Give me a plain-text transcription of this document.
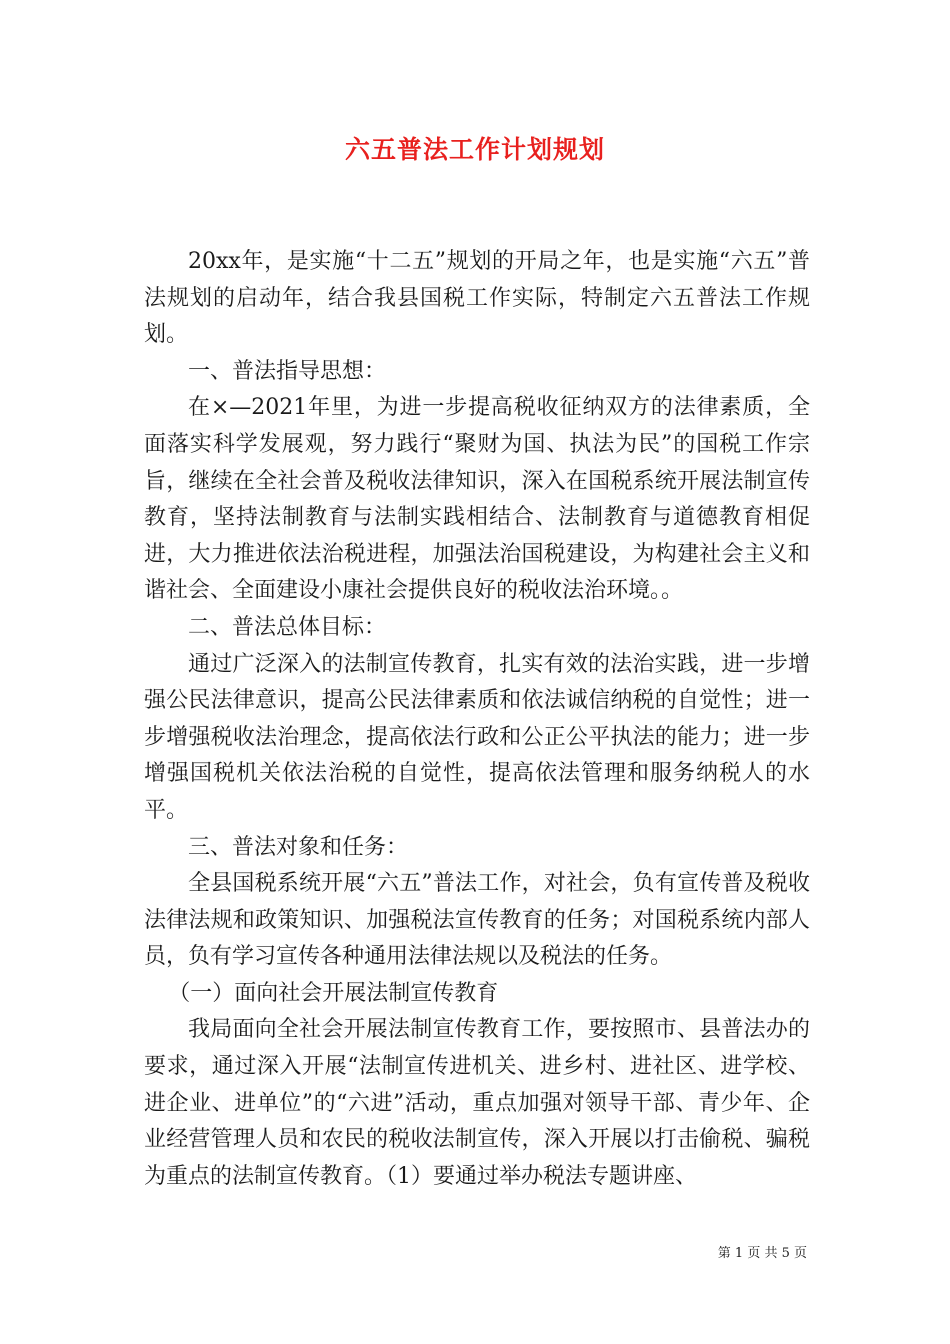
六五普法工作计划规划

20xx年，是实施“十二五”规划的开局之年，也是实施“六五”普法规划的启动年，结合我县国税工作实际，特制定六五普法工作规划。

一、普法指导思想：

在×—2021年里，为进一步提高税收征纳双方的法律素质，全面落实科学发展观，努力践行“聚财为国、执法为民”的国税工作宗旨，继续在全社会普及税收法律知识，深入在国税系统开展法制宣传教育，坚持法制教育与法制实践相结合、法制教育与道德教育相促进，大力推进依法治税进程，加强法治国税建设，为构建社会主义和谐社会、全面建设小康社会提供良好的税收法治环境。。

二、普法总体目标：

通过广泛深入的法制宣传教育，扎实有效的法治实践，进一步增强公民法律意识，提高公民法律素质和依法诚信纳税的自觉性；进一步增强税收法治理念，提高依法行政和公正公平执法的能力；进一步增强国税机关依法治税的自觉性，提高依法管理和服务纳税人的水平。

三、普法对象和任务：

全县国税系统开展“六五”普法工作，对社会，负有宣传普及税收法律法规和政策知识、加强税法宣传教育的任务；对国税系统内部人员，负有学习宣传各种通用法律法规以及税法的任务。

（一）面向社会开展法制宣传教育

我局面向全社会开展法制宣传教育工作，要按照市、县普法办的要求，通过深入开展“法制宣传进机关、进乡村、进社区、进学校、进企业、进单位”的“六进”活动，重点加强对领导干部、青少年、企业经营管理人员和农民的税收法制宣传，深入开展以打击偷税、骗税为重点的法制宣传教育。（1）要通过举办税法专题讲座、

第 1 页 共 5 页
